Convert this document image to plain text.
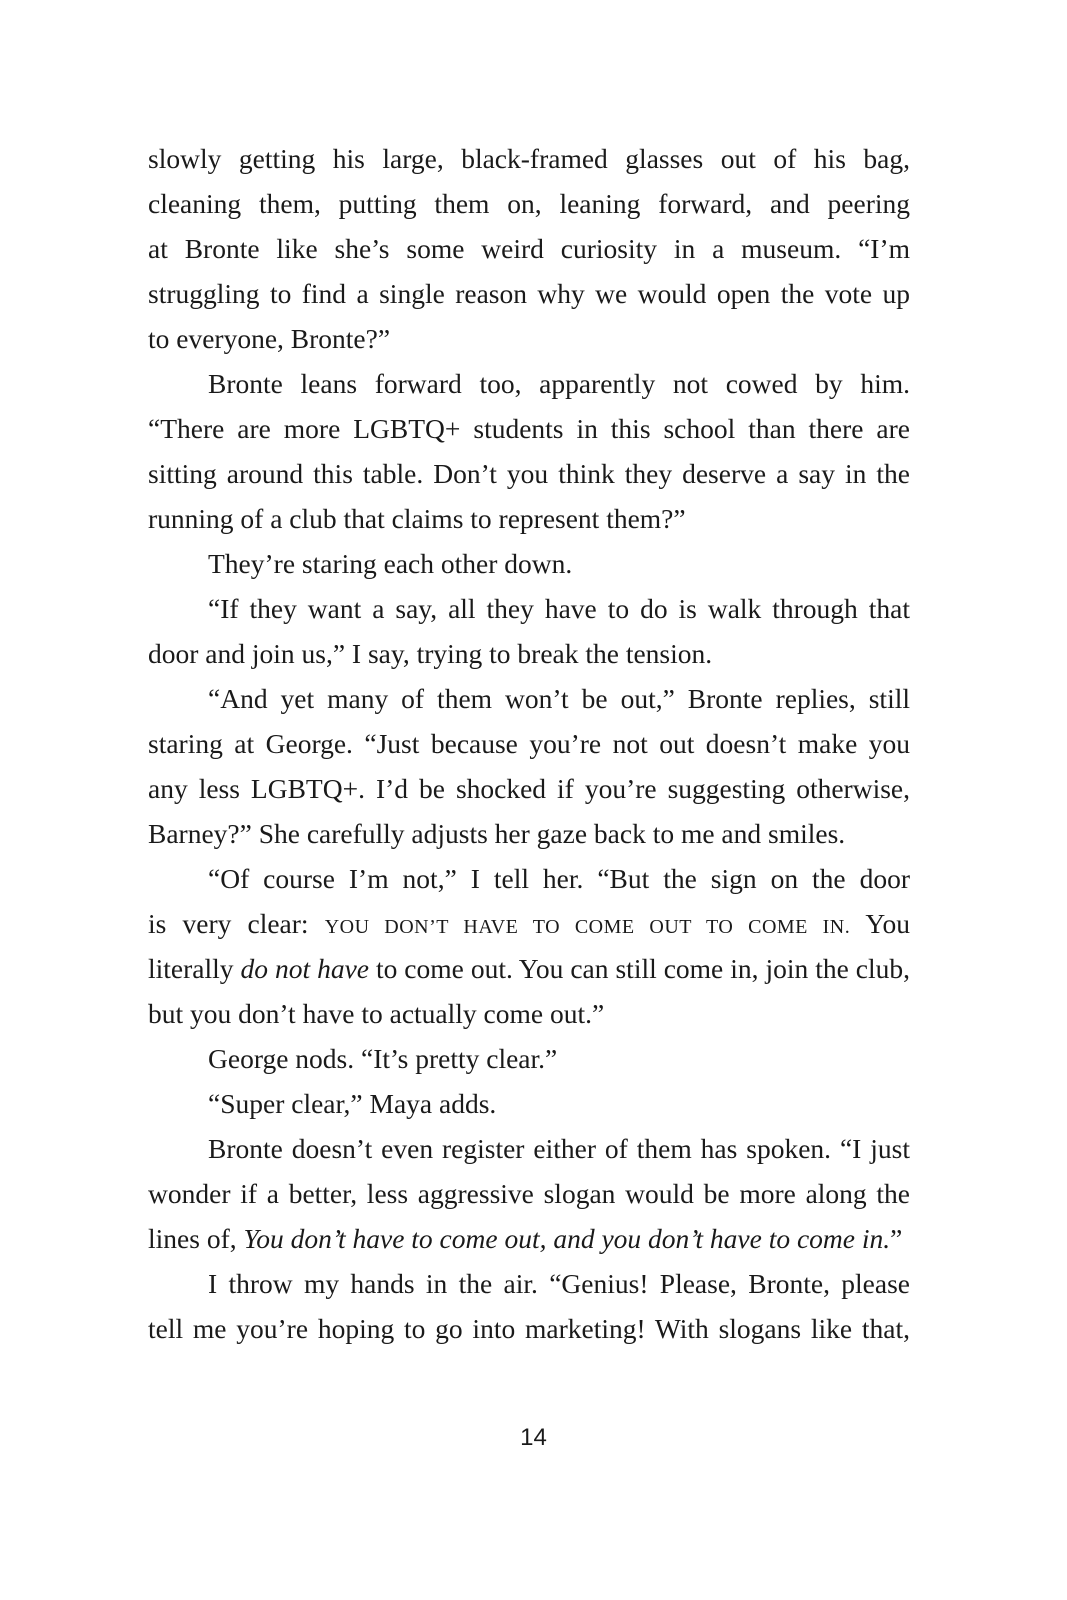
slowly getting his large, black-framed glasses out of his bag,
cleaning them, putting them on, leaning forward, and peering
at Bronte like she’s some weird curiosity in a museum. “I’m
struggling to find a single reason why we would open the vote up
to everyone, Bronte?”
Bronte leans forward too, apparently not cowed by him.
“There are more LGBTQ+ students in this school than there are
sitting around this table. Don’t you think they deserve a say in the
running of a club that claims to represent them?”
They’re staring each other down.
“If they want a say, all they have to do is walk through that
door and join us,” I say, trying to break the tension.
“And yet many of them won’t be out,” Bronte replies, still
staring at George. “Just because you’re not out doesn’t make you
any less LGBTQ+. I’d be shocked if you’re suggesting otherwise,
Barney?” She carefully adjusts her gaze back to me and smiles.
“Of course I’m not,” I tell her. “But the sign on the door
is very clear: YOU DON’T HAVE TO COME OUT TO COME IN. You
literally do not have to come out. You can still come in, join the club,
but you don’t have to actually come out.”
George nods. “It’s pretty clear.”
“Super clear,” Maya adds.
Bronte doesn’t even register either of them has spoken. “I just
wonder if a better, less aggressive slogan would be more along the
lines of, You don’t have to come out, and you don’t have to come in.”
I throw my hands in the air. “Genius! Please, Bronte, please
tell me you’re hoping to go into marketing! With slogans like that,
14
